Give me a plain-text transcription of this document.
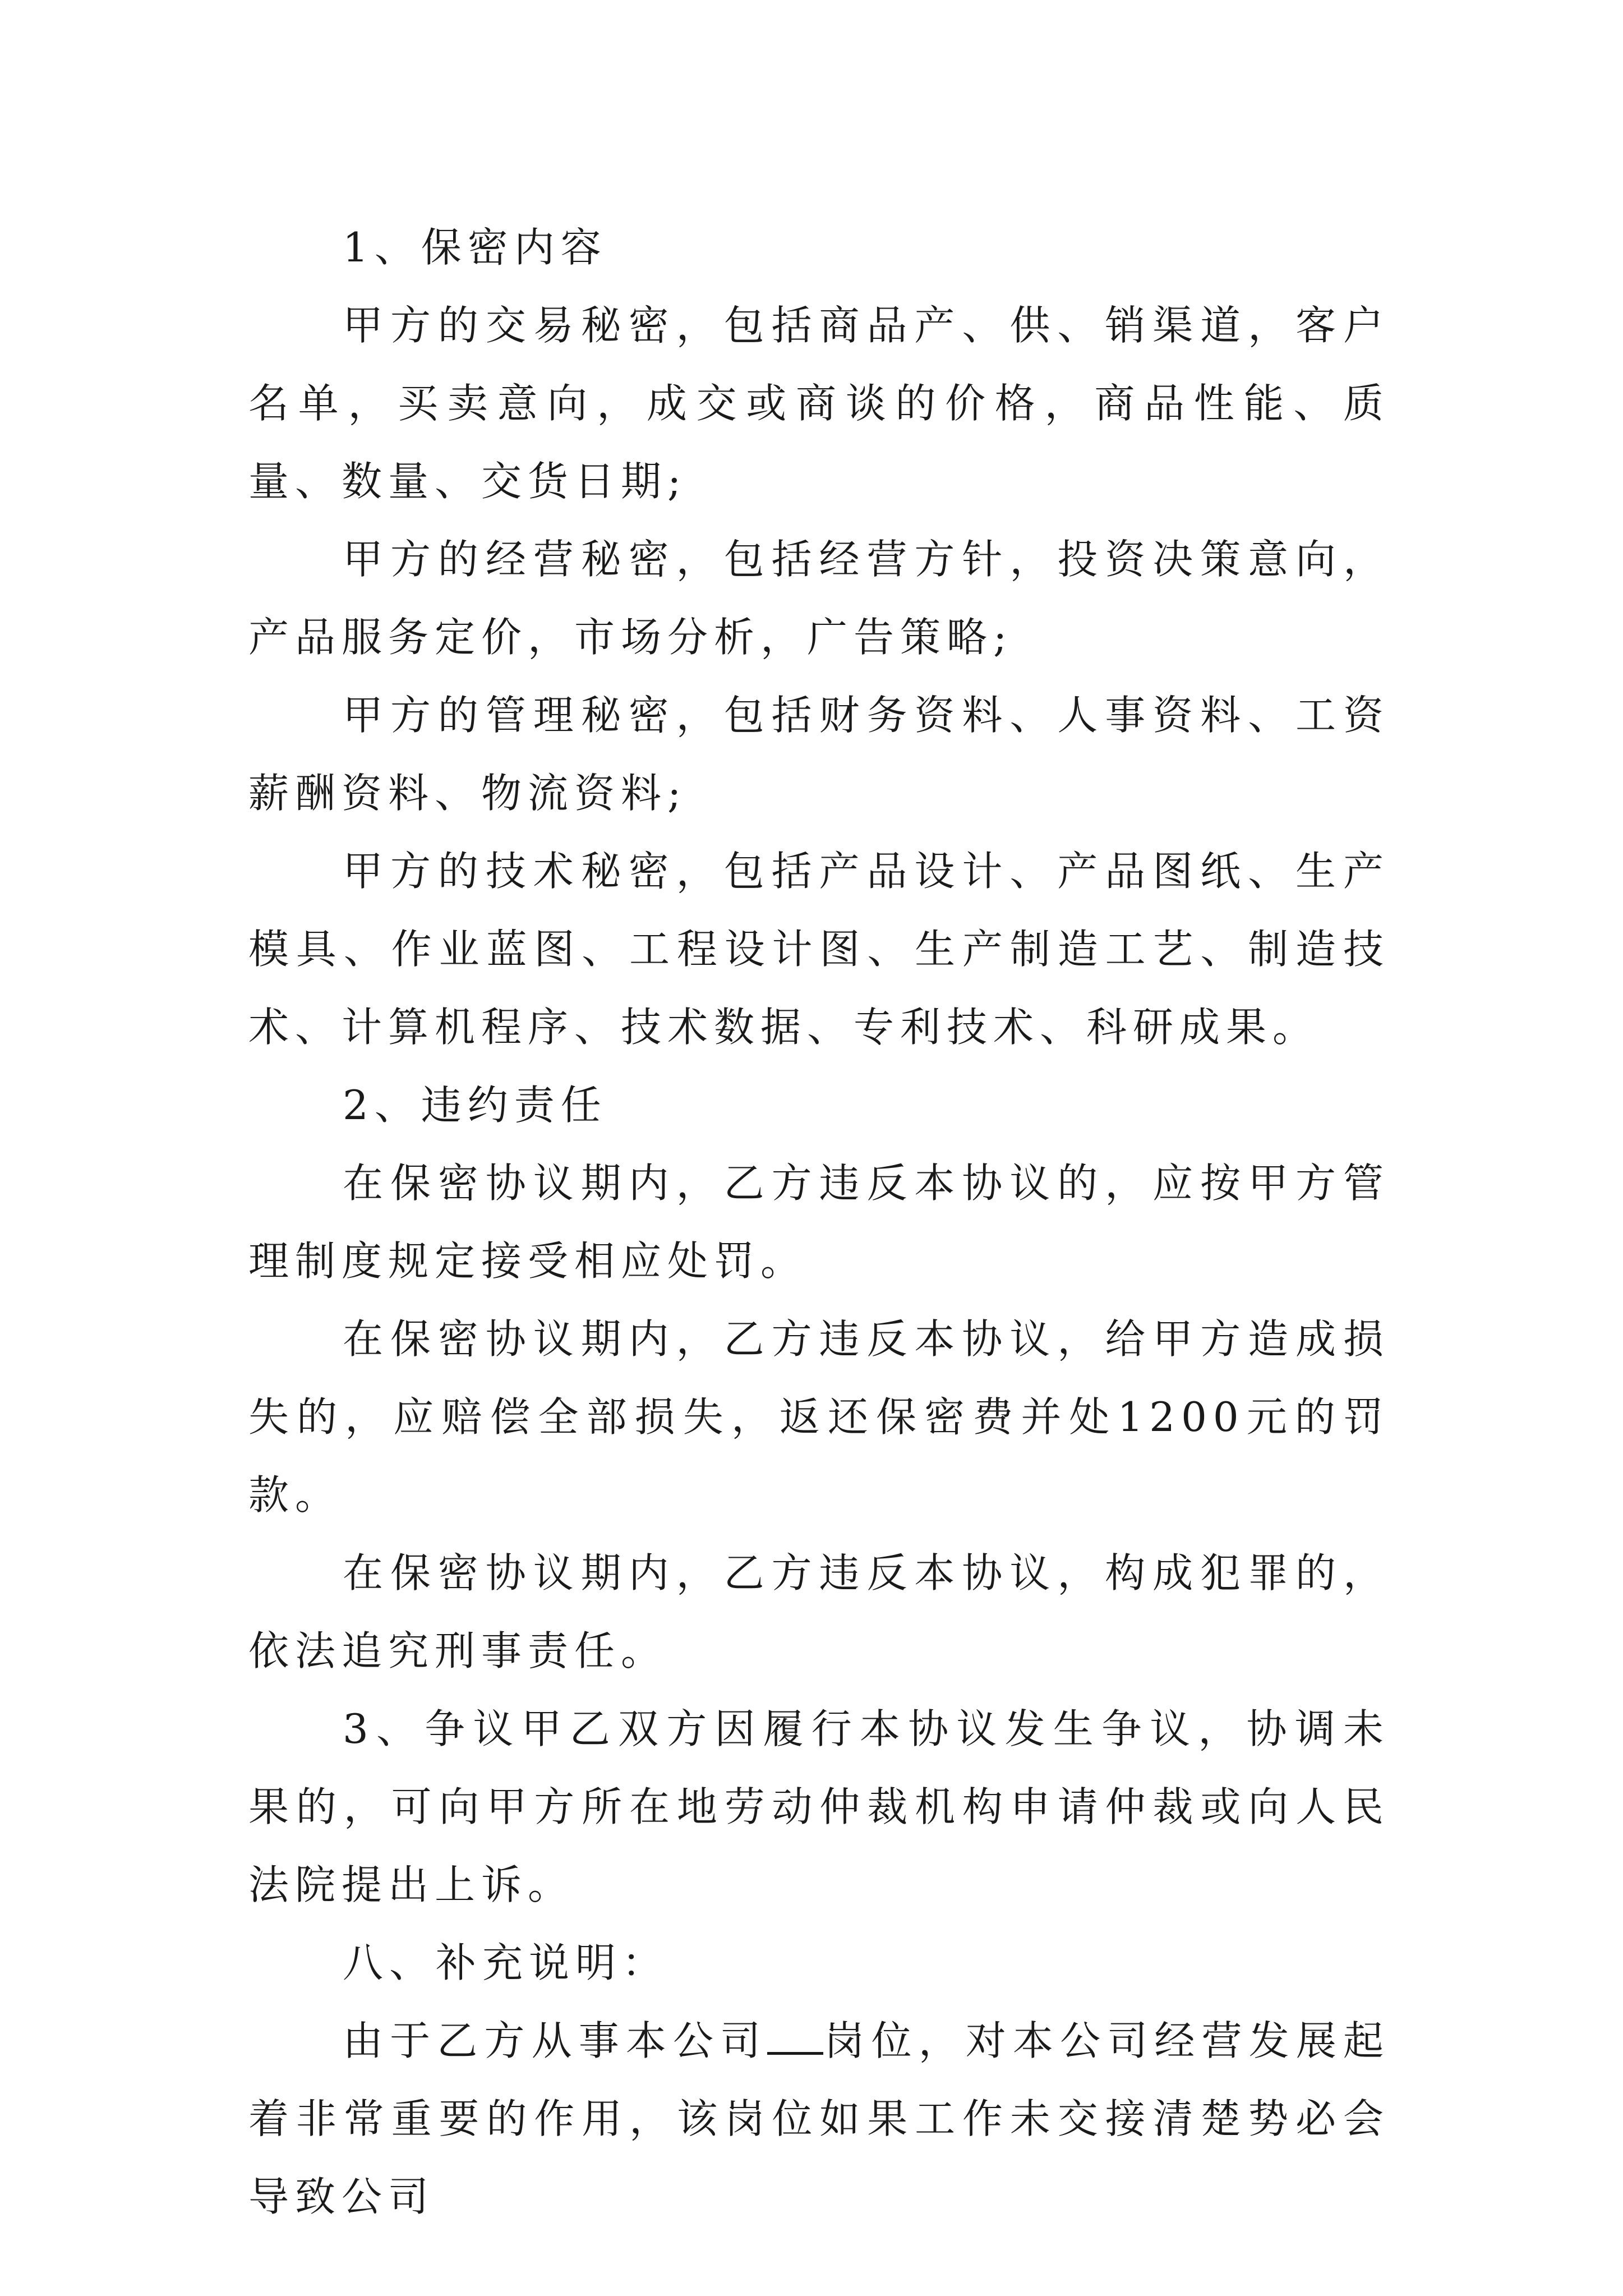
1、保密内容

甲方的交易秘密，包括商品产、供、销渠道，客户名单，买卖意向，成交或商谈的价格，商品性能、质量、数量、交货日期;

甲方的经营秘密，包括经营方针，投资决策意向，产品服务定价，市场分析，广告策略;

甲方的管理秘密，包括财务资料、人事资料、工资薪酬资料、物流资料;

甲方的技术秘密，包括产品设计、产品图纸、生产模具、作业蓝图、工程设计图、生产制造工艺、制造技术、计算机程序、技术数据、专利技术、科研成果。

2、违约责任

在保密协议期内，乙方违反本协议的，应按甲方管理制度规定接受相应处罚。

在保密协议期内，乙方违反本协议，给甲方造成损失的，应赔偿全部损失，返还保密费并处1200元的罚款。

在保密协议期内，乙方违反本协议，构成犯罪的，依法追究刑事责任。

3、争议甲乙双方因履行本协议发生争议，协调未果的，可向甲方所在地劳动仲裁机构申请仲裁或向人民法院提出上诉。

八、补充说明：

由于乙方从事本公司 岗位，对本公司经营发展起着非常重要的作用，该岗位如果工作未交接清楚势必会导致公司
